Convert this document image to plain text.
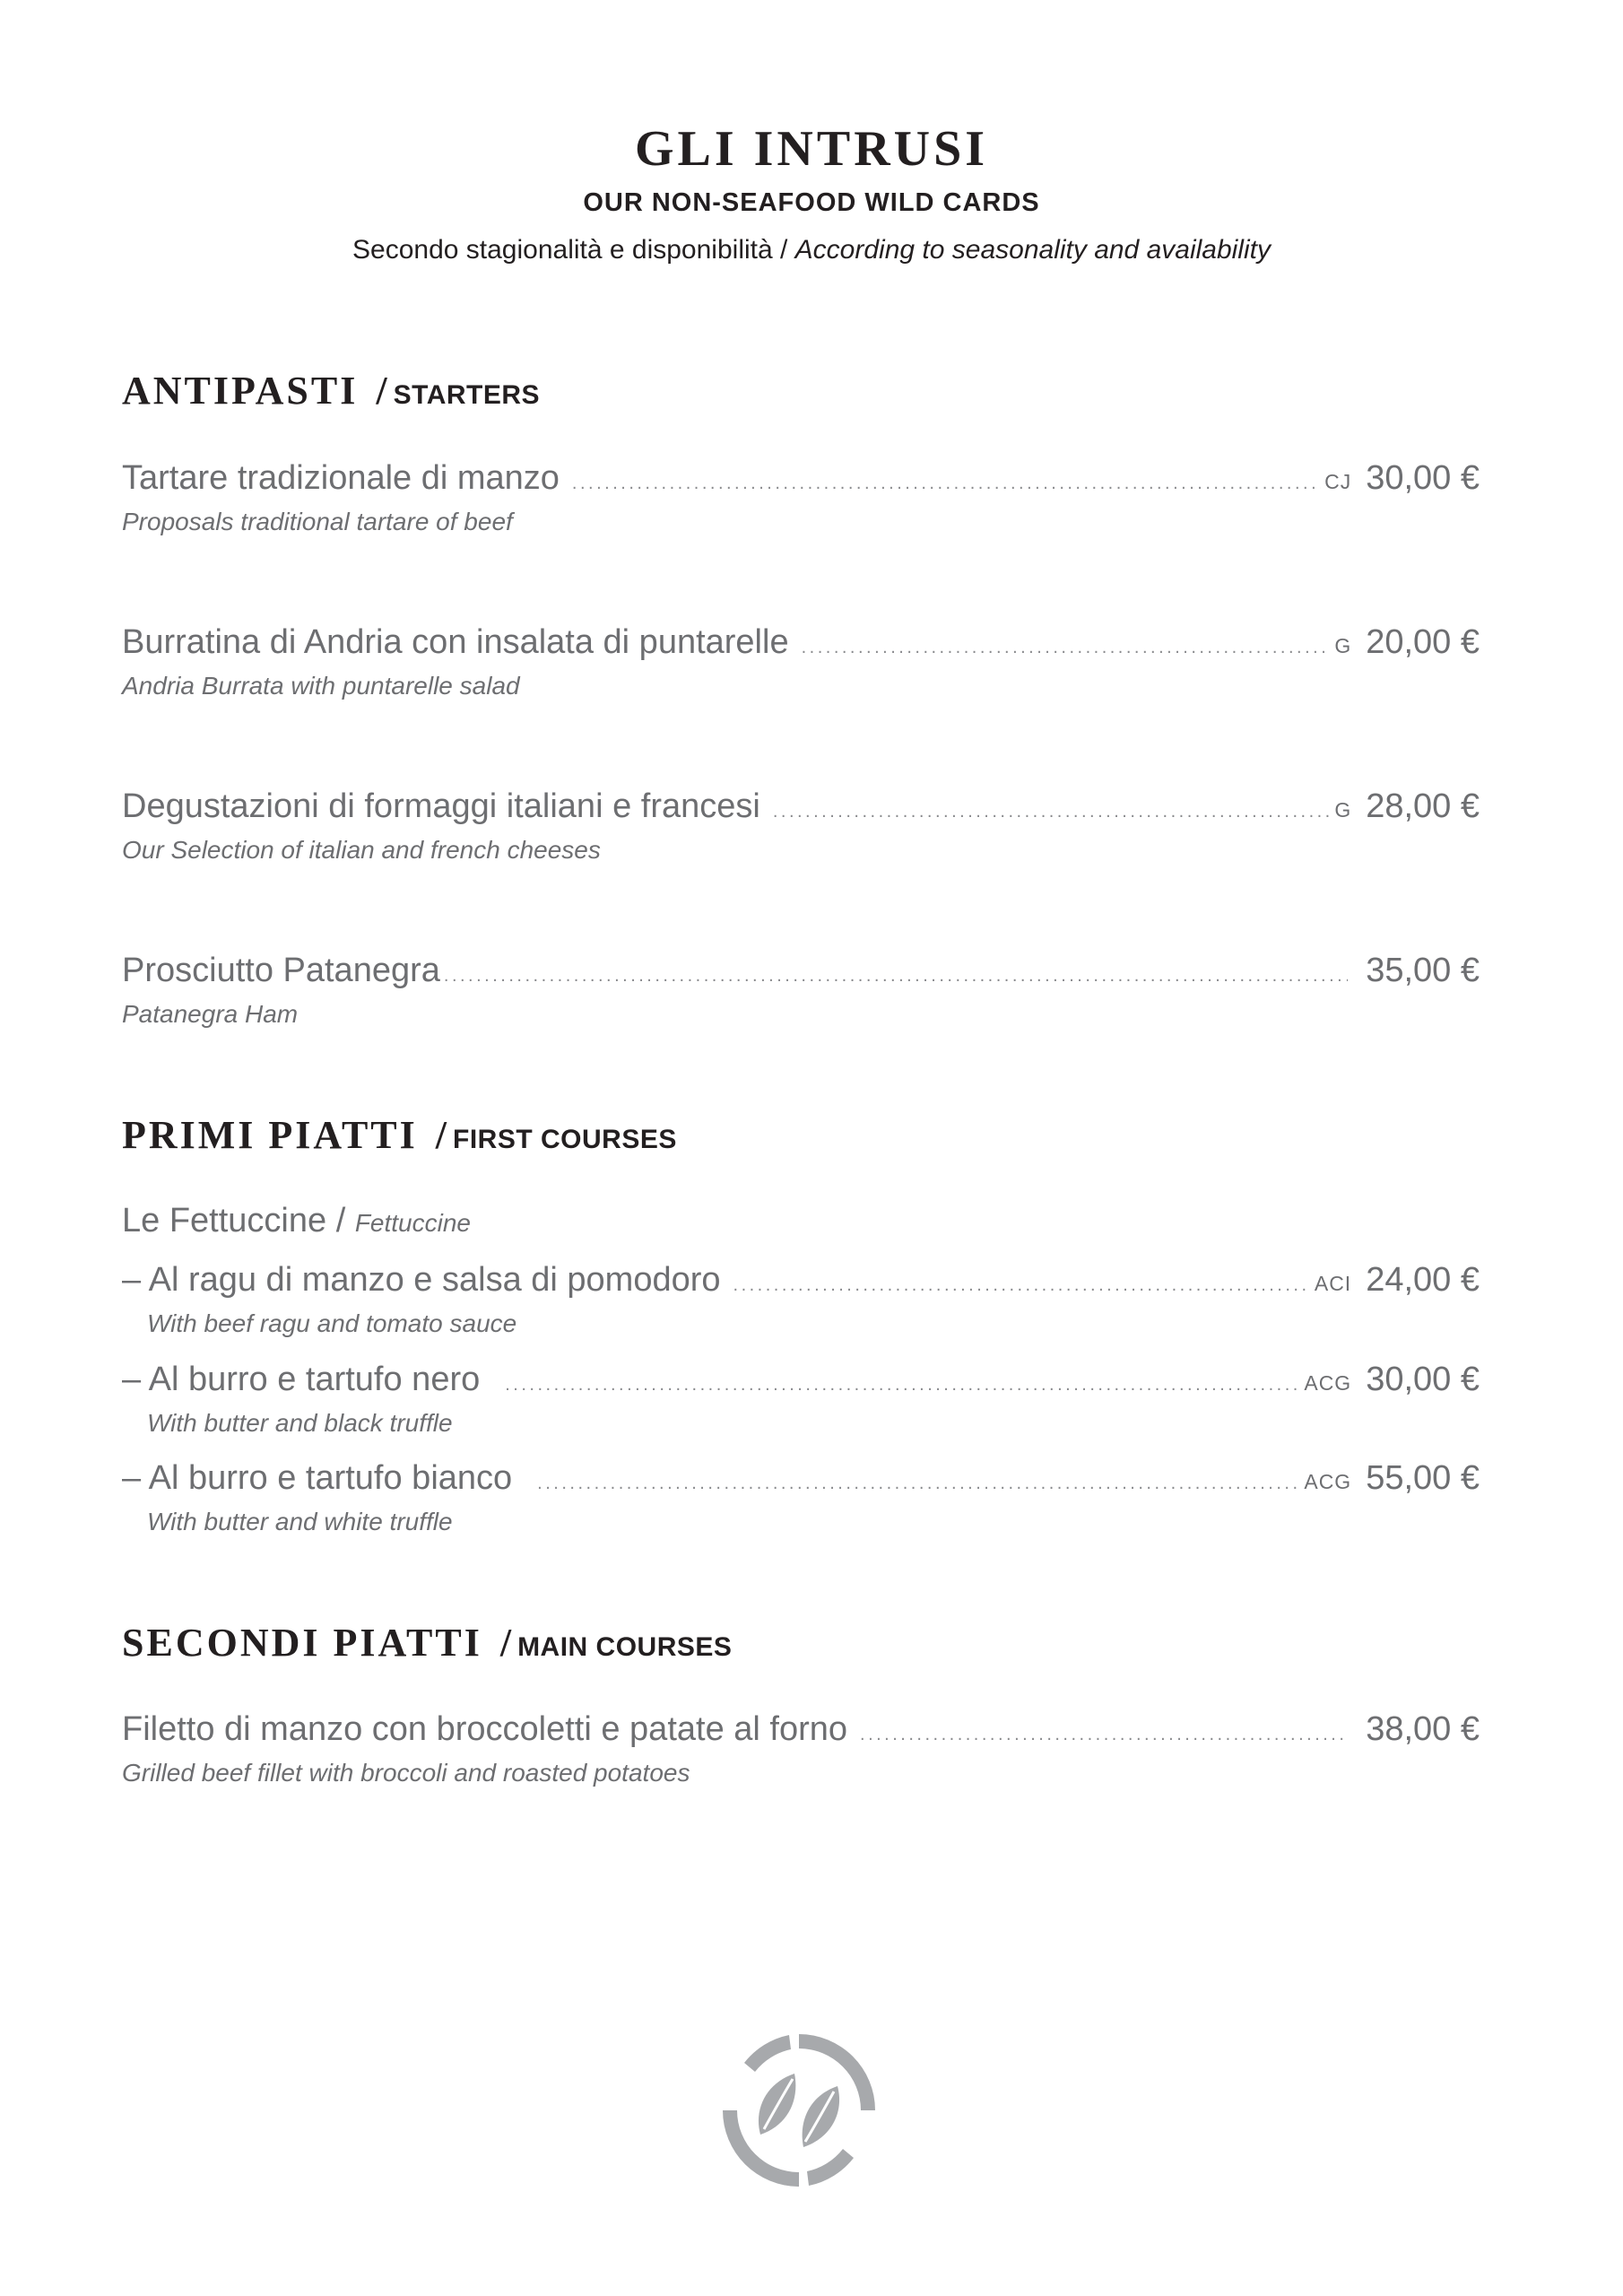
GLI INTRUSI
OUR NON-SEAFOOD WILD CARDS
Secondo stagionalità e disponibilità / According to seasonality and availability
ANTIPASTI / STARTERS
Tartare tradizionale di manzo .....	CJ 30,00 €
Proposals traditional tartare of beef
Burratina di Andria con insalata di puntarelle .....	G 20,00 €
Andria Burrata with puntarelle salad
Degustazioni di formaggi italiani e francesi .....	G 28,00 €
Our Selection of italian and french cheeses
Prosciutto Patanegra .....	35,00 €
Patanegra Ham
PRIMI PIATTI / FIRST COURSES
Le Fettuccine / Fettuccine
– Al ragu di manzo e salsa di pomodoro .....	ACI 24,00 €
With beef ragu and tomato sauce
– Al burro e tartufo nero .....	ACG 30,00 €
With butter and black truffle
– Al burro e tartufo bianco .....	ACG 55,00 €
With butter and white truffle
SECONDI PIATTI / MAIN COURSES
Filetto di manzo con broccoletti e patate al forno .....	38,00 €
Grilled beef fillet with broccoli and roasted potatoes
